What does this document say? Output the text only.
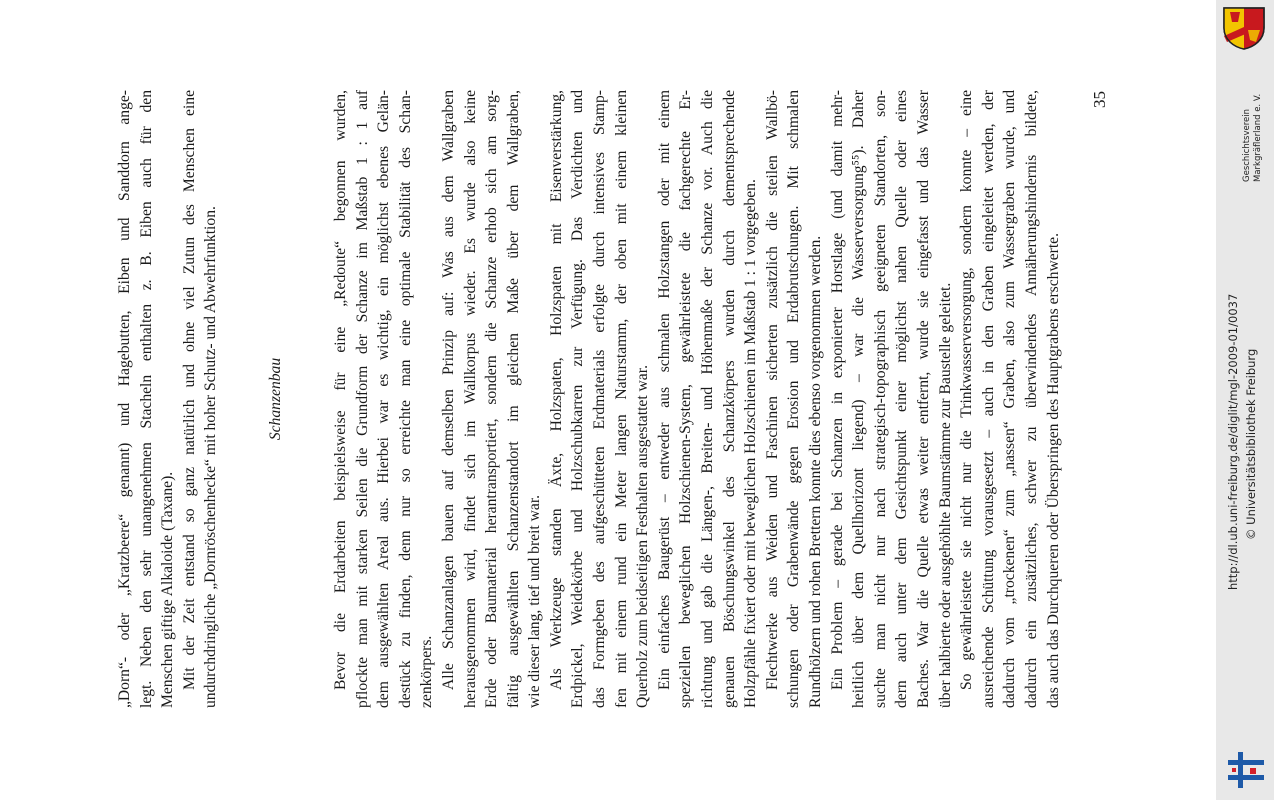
„Dorn“- oder „Kratzbeere“ genannt) und Hagebutten, Eiben und Sanddorn ange- legt. Neben den sehr unangenehmen Stacheln enthalten z. B. Eiben auch für den Menschen giftige Alkaloide (Taxane). Mit der Zeit entstand so ganz natürlich und ohne viel Zutun des Menschen eine undurchdringliche „Dornröschenhecke“ mit hoher Schutz- und Abwehrfunktion.	Schanzenbau	Bevor die Erdarbeiten beispielsweise für eine „Redoute“ begonnen wurden, pflockte man mit starken Seilen die Grundform der Schanze im Maßstab 1 : 1 auf dem ausgewählten Areal aus. Hierbei war es wichtig, ein möglichst ebenes Gelän- destück zu finden, denn nur so erreichte man eine optimale Stabilität des Schan- zenkörpers. Alle Schanzanlagen bauen auf demselben Prinzip auf: Was aus dem Wallgraben herausgenommen wird, findet sich im Wallkorpus wieder. Es wurde also keine Erde oder Baumaterial herantransportiert, sondern die Schanze erhob sich am sorg- fältig ausgewählten Schanzenstandort im gleichen Maße über dem Wallgraben, wie dieser lang, tief und breit war. Als Werkzeuge standen Äxte, Holzspaten, Holzspaten mit Eisenverstärkung, Erdpickel, Weidekörbe und Holzschubkarren zur Verfügung. Das Verdichten und das Formgeben des aufgeschütteten Erdmaterials erfolgte durch intensives Stamp- fen mit einem rund ein Meter langen Naturstamm, der oben mit einem kleinen Querholz zum beidseitigen Festhalten ausgestattet war. Ein einfaches Baugerüst – entweder aus schmalen Holzstangen oder mit einem speziellen beweglichen Holzschienen-System, gewährleistete die fachgerechte Er- richtung und gab die Längen-, Breiten- und Höhenmaße der Schanze vor. Auch die genauen Böschungswinkel des Schanzkörpers wurden durch dementsprechende Holzpfähle fixiert oder mit beweglichen Holzschienen im Maßstab 1 : 1 vorgegeben. Flechtwerke aus Weiden und Faschinen sicherten zusätzlich die steilen Wallbö- schungen oder Grabenwände gegen Erosion und Erdabrutschungen. Mit schmalen Rundhölzern und rohen Brettern konnte dies ebenso vorgenommen werden. Ein Problem – gerade bei Schanzen in exponierter Horstlage (und damit mehr- heitlich über dem Quellhorizont liegend) – war die Wasserversorgung⁵⁵). Daher suchte man nicht nur nach strategisch-topographisch geeigneten Standorten, son- dern auch unter dem Gesichtspunkt einer möglichst nahen Quelle oder eines Baches. War die Quelle etwas weiter entfernt, wurde sie eingefasst und das Wasser über halbierte oder ausgehöhlte Baumstämme zur Baustelle geleitet. So gewährleistete sie nicht nur die Trinkwasserversorgung, sondern konnte – eine ausreichende Schüttung vorausgesetzt – auch in den Graben eingeleitet werden, der dadurch vom „trockenen“ zum „nassen“ Graben, also zum Wassergraben wurde, und dadurch ein zusätzliches, schwer zu überwindendes Annäherungshindernis bildete, das auch das Durchqueren oder Überspringen des Hauptgrabens erschwerte.
35
http://dl.ub.uni-freiburg.de/diglit/mgl-2009-01/0037 © Universitätsbibliothek Freiburg
Geschichtsverein Markgräflerland e. V.
